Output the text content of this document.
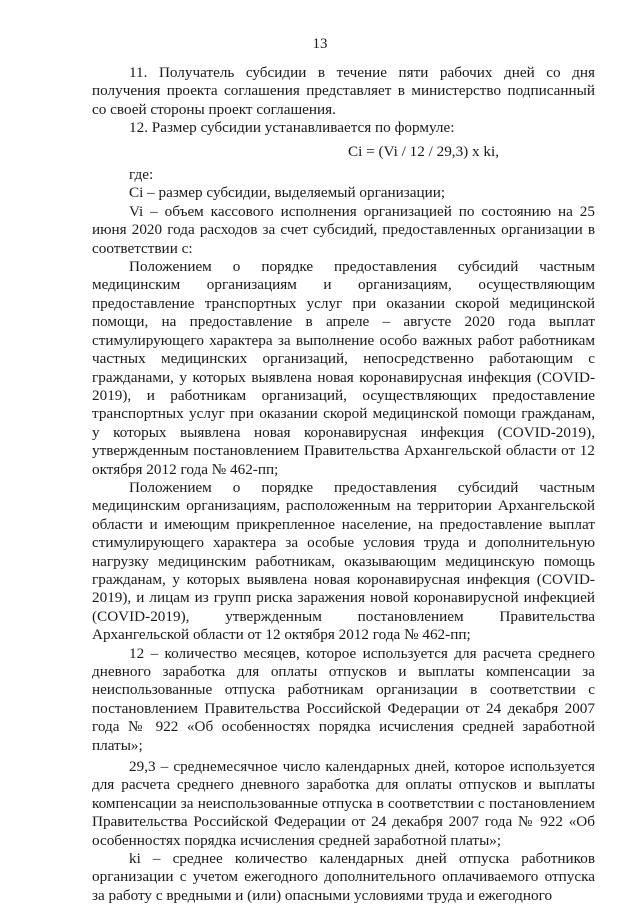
13

11. Получатель субсидии в течение пяти рабочих дней со дня получения проекта соглашения представляет в министерство подписанный со своей стороны проект соглашения.

12. Размер субсидии устанавливается по формуле:

Ci = (Vi / 12 / 29,3) x ki,

где:

Ci – размер субсидии, выделяемый организации;

Vi – объем кассового исполнения организацией по состоянию на 25 июня 2020 года расходов за счет субсидий, предоставленных организации в соответствии с:

Положением о порядке предоставления субсидий частным медицинским организациям и организациям, осуществляющим предоставление транспортных услуг при оказании скорой медицинской помощи, на предоставление в апреле – августе 2020 года выплат стимулирующего характера за выполнение особо важных работ работникам частных медицинских организаций, непосредственно работающим с гражданами, у которых выявлена новая коронавирусная инфекция (COVID-2019), и работникам организаций, осуществляющих предоставление транспортных услуг при оказании скорой медицинской помощи гражданам, у которых выявлена новая коронавирусная инфекция (COVID-2019), утвержденным постановлением Правительства Архангельской области от 12 октября 2012 года № 462-пп;

Положением о порядке предоставления субсидий частным медицинским организациям, расположенным на территории Архангельской области и имеющим прикрепленное население, на предоставление выплат стимулирующего характера за особые условия труда и дополнительную нагрузку медицинским работникам, оказывающим медицинскую помощь гражданам, у которых выявлена новая коронавирусная инфекция (COVID-2019), и лицам из групп риска заражения новой коронавирусной инфекцией (COVID-2019), утвержденным постановлением Правительства Архангельской области от 12 октября 2012 года № 462-пп;

12 – количество месяцев, которое используется для расчета среднего дневного заработка для оплаты отпусков и выплаты компенсации за неиспользованные отпуска работникам организации в соответствии с постановлением Правительства Российской Федерации от 24 декабря 2007 года № 922 «Об особенностях порядка исчисления средней заработной платы»;

29,3 – среднемесячное число календарных дней, которое используется для расчета среднего дневного заработка для оплаты отпусков и выплаты компенсации за неиспользованные отпуска в соответствии с постановлением Правительства Российской Федерации от 24 декабря 2007 года № 922 «Об особенностях порядка исчисления средней заработной платы»;

ki – среднее количество календарных дней отпуска работников организации с учетом ежегодного дополнительного оплачиваемого отпуска за работу с вредными и (или) опасными условиями труда и ежегодного
